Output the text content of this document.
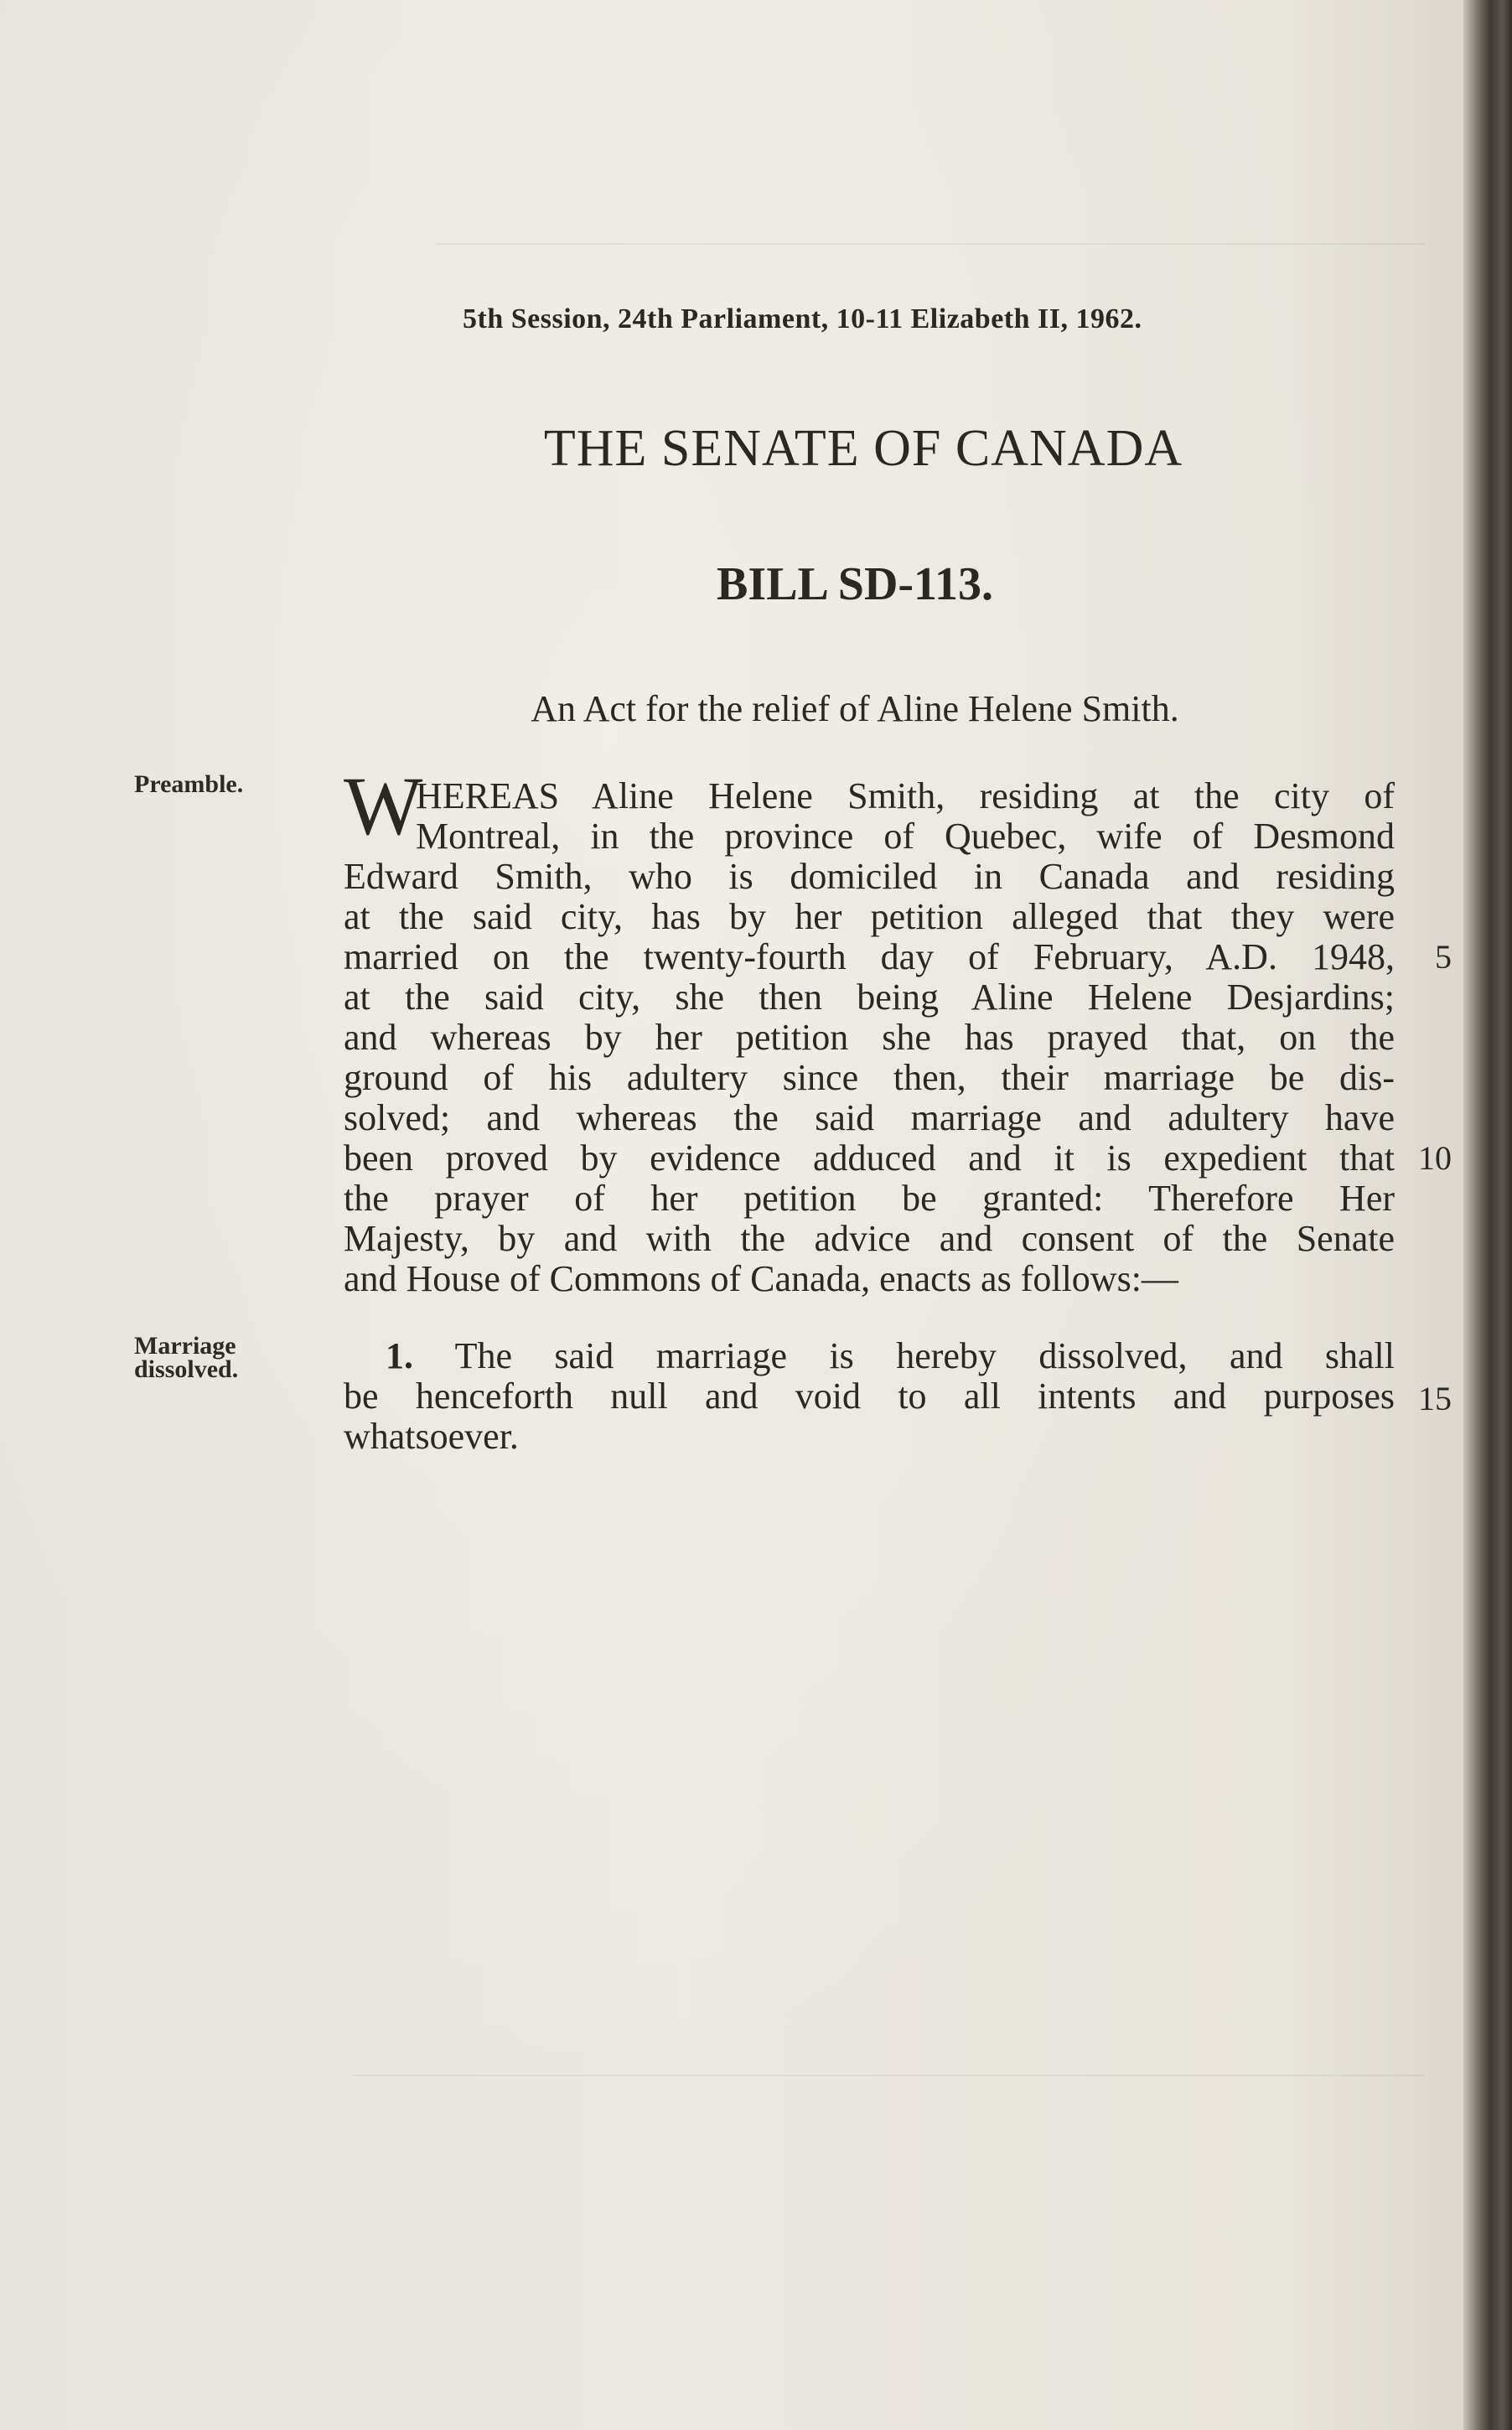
5th Session, 24th Parliament, 10-11 Elizabeth II, 1962.
THE SENATE OF CANADA
BILL SD-113.
An Act for the relief of Aline Helene Smith.
Preamble.	W
HEREAS Aline Helene Smith, residing at the city of
Montreal, in the province of Quebec, wife of Desmond
Edward Smith, who is domiciled in Canada and residing
at the said city, has by her petition alleged that they were
married on the twenty-fourth day of February, A.D. 1948,
at the said city, she then being Aline Helene Desjardins;
and whereas by her petition she has prayed that, on the
ground of his adultery since then, their marriage be dis-
solved; and whereas the said marriage and adultery have
been proved by evidence adduced and it is expedient that
the prayer of her petition be granted: Therefore Her
Majesty, by and with the advice and consent of the Senate
and House of Commons of Canada, enacts as follows:—
5
10
Marriage
dissolved.	1. The said marriage is hereby dissolved, and shall
be henceforth null and void to all intents and purposes
whatsoever.
15
